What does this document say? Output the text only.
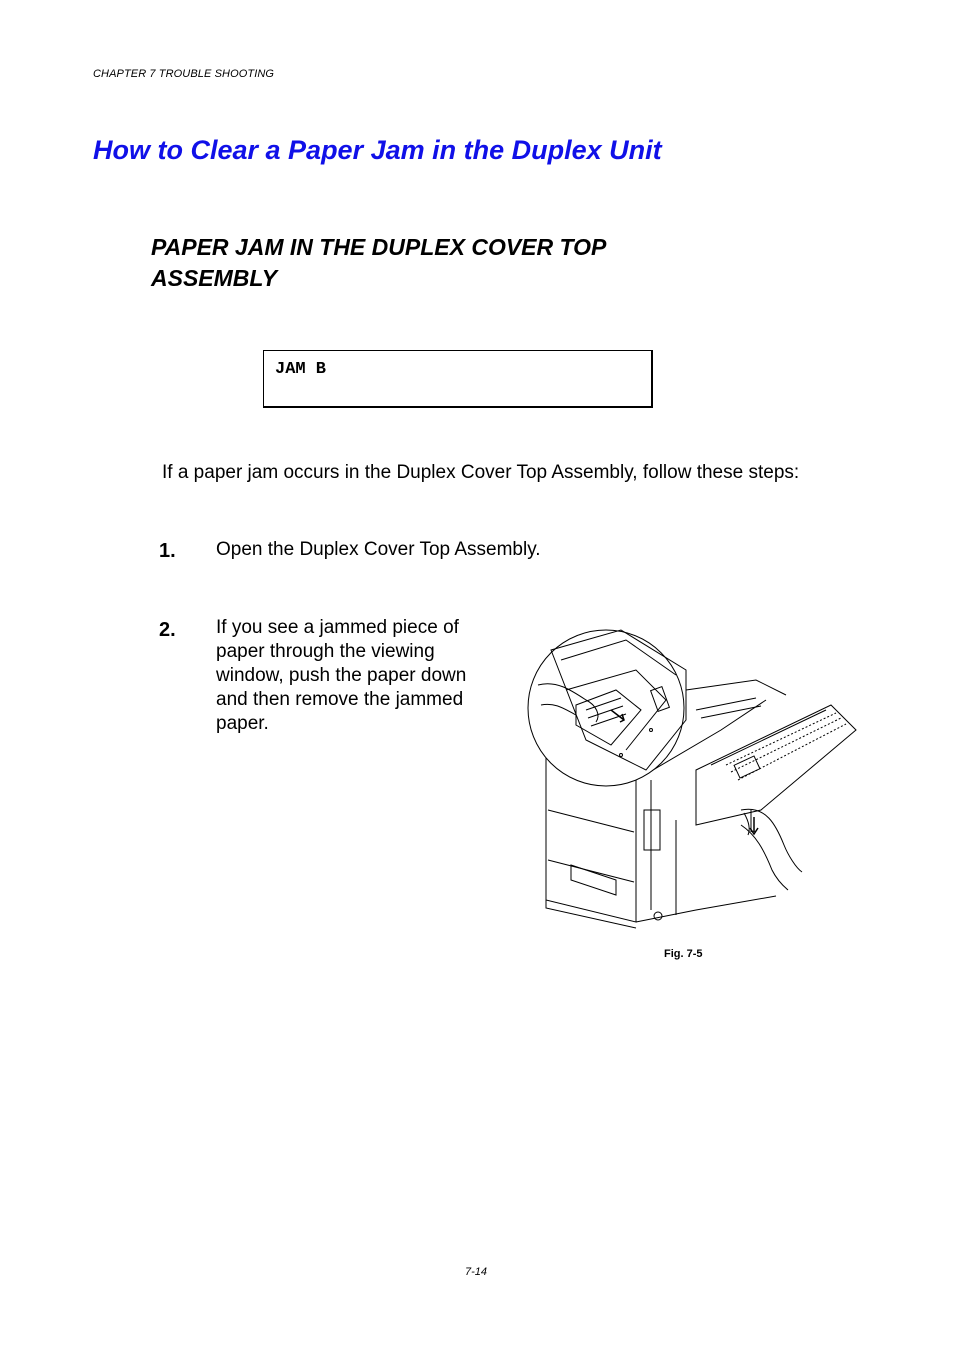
CHAPTER 7 TROUBLE SHOOTING
How to Clear a Paper Jam in the Duplex Unit
PAPER JAM IN THE DUPLEX COVER TOP ASSEMBLY
JAM B
If a paper jam occurs in the Duplex Cover Top Assembly, follow these steps:
1. Open the Duplex Cover Top Assembly.
2. If you see a jammed piece of paper through the viewing window, push the paper down and then remove the jammed paper.
Fig. 7-5
7-14
